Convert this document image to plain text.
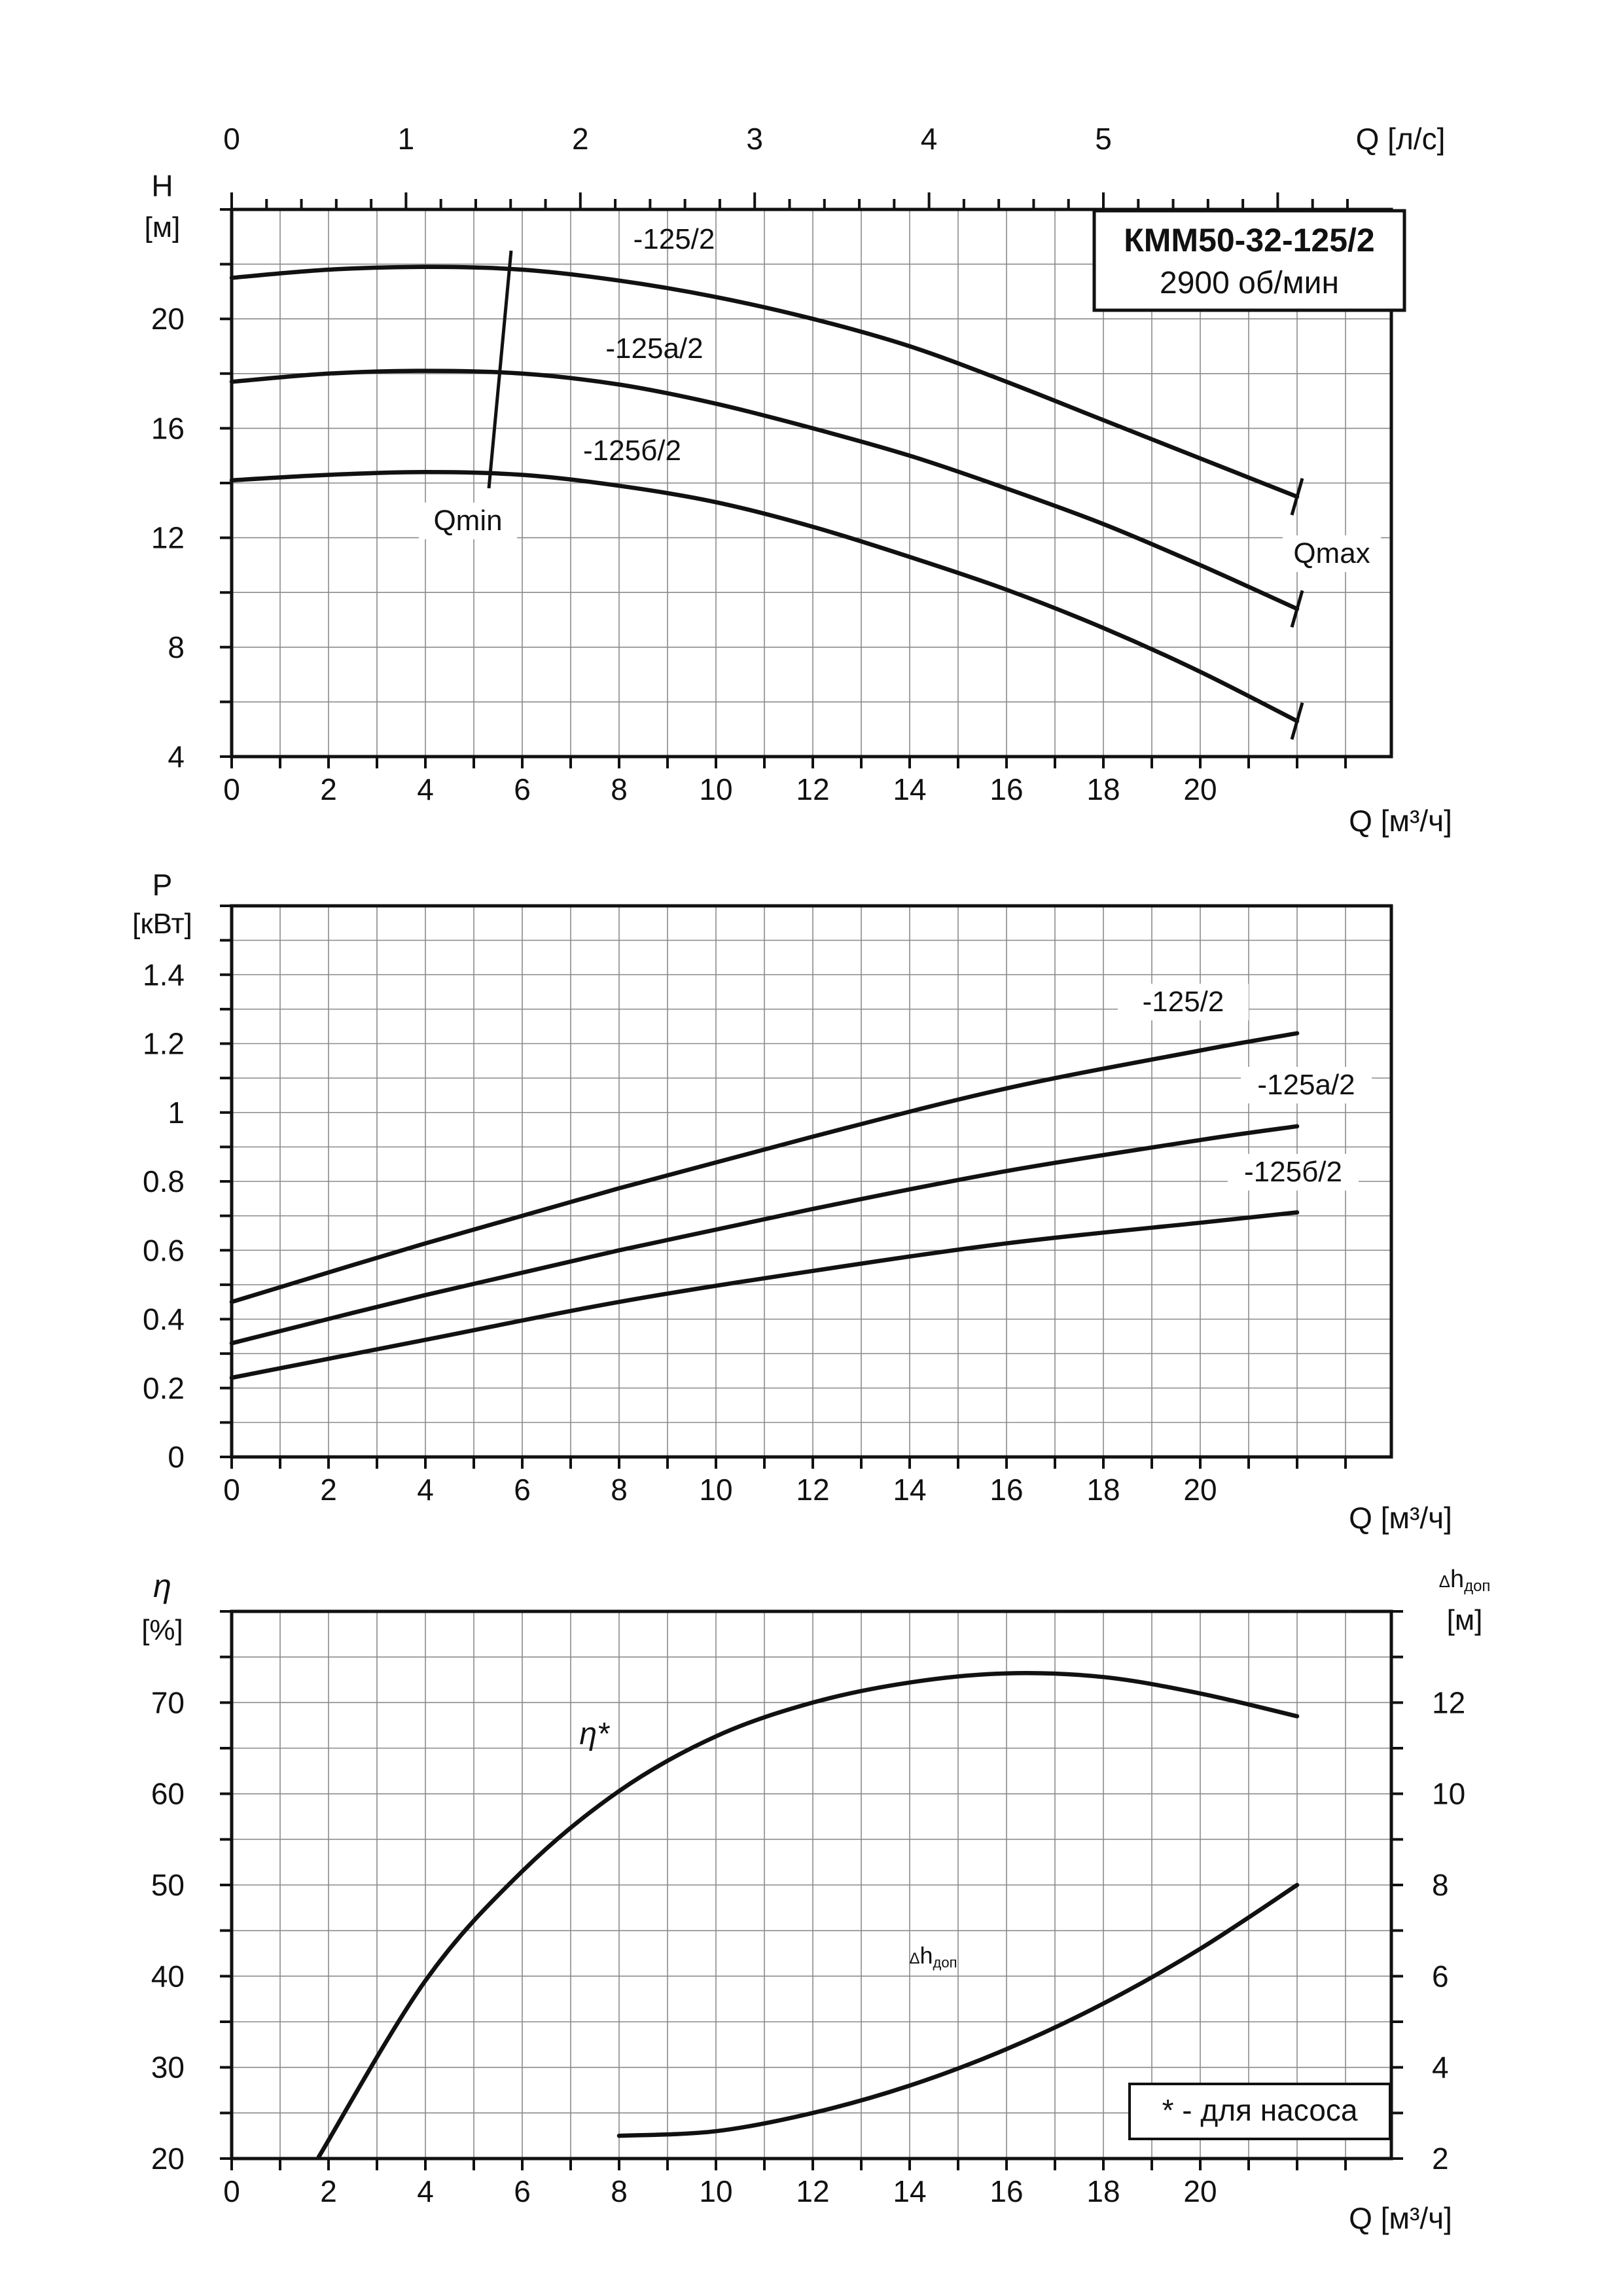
-125/2
-125а/2
-125б/2
0	2	4	6	8 10 12 14 16 18 20
0	1	2	3	4	5
4
8
12
16
20
H
[м]
Q [л/с]
Q [м³/ч]
КММ50-32-125/2
2900 об/мин
Qmin
Qmax
-125/2
-125а/2
-125б/2
0	2	4	6	8 10 12 14 16 18 20
0
0.2
0.4
0.6
0.8
1
1.2
1.4
P
[кВт]
Q [м³/ч]
0	2	4	6	8 10 12 14 16 18 20
20
30
40
50
60
70
2
4
6
8
10
12
η
[%]
Δhдоп
[м]
Q [м³/ч]
η*
Δhдоп
* - для насоса
